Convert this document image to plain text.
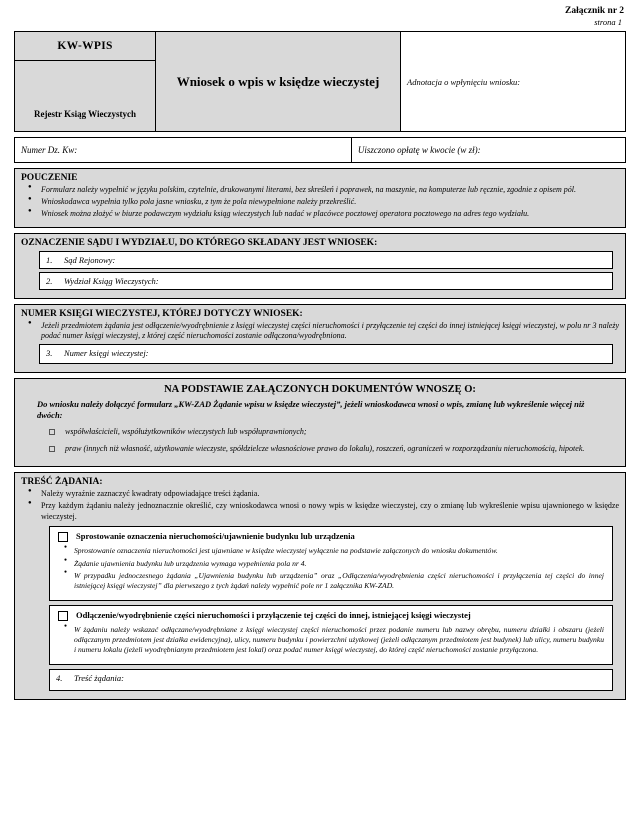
Załącznik nr 2
strona 1
KW-WPIS
Rejestr Ksiąg Wieczystych
	Wniosek o wpis w księdze wieczystej	Adnotacja o wpłynięciu wniosku:
Numer Dz. Kw:	Uiszczono opłatę w kwocie (w zł):
POUCZENIE
● Formularz należy wypełnić w języku polskim, czytelnie, drukowanymi literami, bez skreśleń i poprawek, na maszynie, na komputerze lub ręcznie, zgodnie z opisem pól.
● Wnioskodawca wypełnia tylko pola jasne wniosku, z tym że pola niewypełnione należy przekreślić.
● Wniosek można złożyć w biurze podawczym wydziału ksiąg wieczystych lub nadać w placówce pocztowej operatora pocztowego na adres tego wydziału.
OZNACZENIE SĄDU I WYDZIAŁU, DO KTÓREGO SKŁADANY JEST WNIOSEK:
1. Sąd Rejonowy:
2. Wydział Ksiąg Wieczystych:
NUMER KSIĘGI WIECZYSTEJ, KTÓREJ DOTYCZY WNIOSEK:
● Jeżeli przedmiotem żądania jest odłączenie/wyodrębnienie z księgi wieczystej części nieruchomości i przyłączenie tej części do innej istniejącej księgi wieczystej, w polu nr 3 należy podać numer księgi wieczystej, z której część nieruchomości zostanie odłączona/wyodrębniona.
3. Numer księgi wieczystej:
NA PODSTAWIE ZAŁĄCZONYCH DOKUMENTÓW WNOSZĘ O:
Do wniosku należy dołączyć formularz „KW-ZAD Żądanie wpisu w księdze wieczystej”, jeżeli wnioskodawca wnosi o wpis, zmianę lub wykreślenie więcej niż dwóch:
współwłaścicieli, współużytkowników wieczystych lub współuprawnionych;
praw (innych niż własność, użytkowanie wieczyste, spółdzielcze własnościowe prawo do lokalu), roszczeń, ograniczeń w rozporządzaniu nieruchomością, hipotek.
TREŚĆ ŻĄDANIA:
● Należy wyraźnie zaznaczyć kwadraty odpowiadające treści żądania.
● Przy każdym żądaniu należy jednoznacznie określić, czy wnioskodawca wnosi o nowy wpis w księdze wieczystej, czy o zmianę lub wykreślenie wpisu ujawnionego w księdze wieczystej.
Sprostowanie oznaczenia nieruchomości/ujawnienie budynku lub urządzenia
● Sprostowanie oznaczenia nieruchomości jest ujawniane w księdze wieczystej wyłącznie na podstawie załączonych do wniosku dokumentów.
● Żądanie ujawnienia budynku lub urządzenia wymaga wypełnienia pola nr 4.
● W przypadku jednoczesnego żądania „Ujawnienia budynku lub urządzenia” oraz „Odłączenia/wyodrębnienia części nieruchomości i przyłączenia tej części do innej istniejącej księgi wieczystej” dla pierwszego z tych żądań należy wypełnić pole nr 1 załącznika KW-ZAD.
Odłączenie/wyodrębnienie części nieruchomości i przyłączenie tej części do innej, istniejącej księgi wieczystej
● W żądaniu należy wskazać odłączane/wyodrębniane z księgi wieczystej części nieruchomości przez podanie numeru lub nazwy obrębu, numeru działki i obszaru (jeżeli odłączanym przedmiotem jest działka ewidencyjna), ulicy, numeru budynku i powierzchni użytkowej (jeżeli odłączanym przedmiotem jest budynek) lub ulicy, numeru budynku i numeru lokalu (jeżeli wyodrębnianym przedmiotem jest lokal) oraz podać numer księgi wieczystej, do której część nieruchomości zostanie przyłączona.
4. Treść żądania:
